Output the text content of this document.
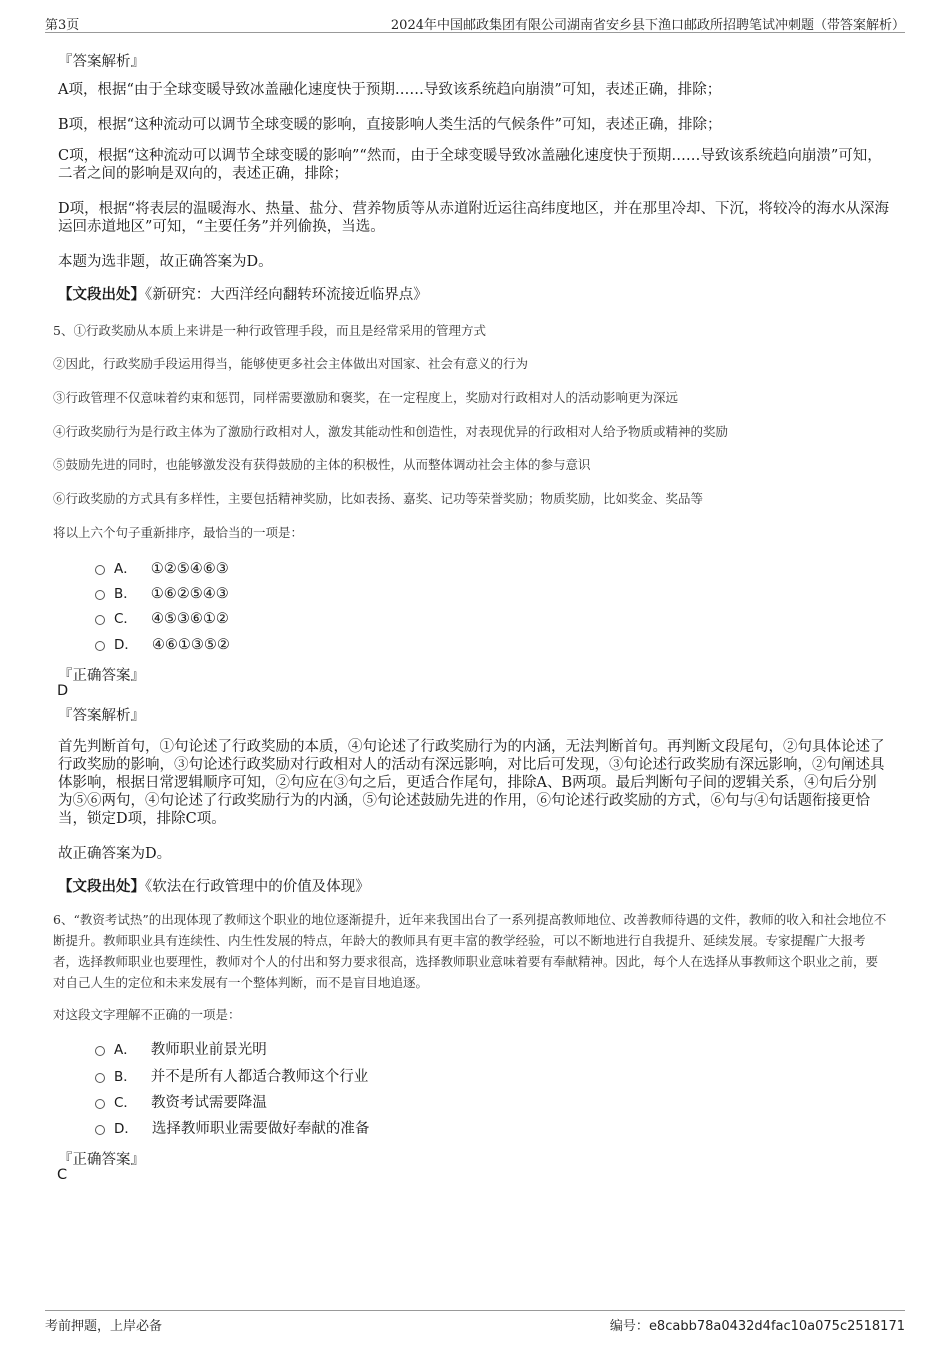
第3页	2024年中国邮政集团有限公司湖南省安乡县下渔口邮政所招聘笔试冲刺题（带答案解析）
『答案解析』
A项，根据“由于全球变暖导致冰盖融化速度快于预期……导致该系统趋向崩溃”可知，表述正确，排除；
B项，根据“这种流动可以调节全球变暖的影响，直接影响人类生活的气候条件”可知，表述正确，排除；
C项，根据“这种流动可以调节全球变暖的影响”“然而，由于全球变暖导致冰盖融化速度快于预期……导致该系统趋向崩溃”可知，二者之间的影响是双向的，表述正确，排除；
D项，根据“将表层的温暖海水、热量、盐分、营养物质等从赤道附近运往高纬度地区，并在那里冷却、下沉，将较冷的海水从深海运回赤道地区”可知，“主要任务”并列偷换，当选。
本题为选非题，故正确答案为D。
【文段出处】《新研究：大西洋经向翻转环流接近临界点》
5、①行政奖励从本质上来讲是一种行政管理手段，而且是经常采用的管理方式
②因此，行政奖励手段运用得当，能够使更多社会主体做出对国家、社会有意义的行为
③行政管理不仅意味着约束和惩罚，同样需要激励和褒奖，在一定程度上，奖励对行政相对人的活动影响更为深远
④行政奖励行为是行政主体为了激励行政相对人，激发其能动性和创造性，对表现优异的行政相对人给予物质或精神的奖励
⑤鼓励先进的同时，也能够激发没有获得鼓励的主体的积极性，从而整体调动社会主体的参与意识
⑥行政奖励的方式具有多样性，主要包括精神奖励，比如表扬、嘉奖、记功等荣誉奖励；物质奖励，比如奖金、奖品等
将以上六个句子重新排序，最恰当的一项是：
A． ①②⑤④⑥③
B． ①⑥②⑤④③
C． ④⑤③⑥①②
D． ④⑥①③⑤②
『正确答案』
D
『答案解析』
首先判断首句，①句论述了行政奖励的本质，④句论述了行政奖励行为的内涵，无法判断首句。再判断文段尾句，②句具体论述了行政奖励的影响，③句论述行政奖励对行政相对人的活动有深远影响，对比后可发现，③句论述行政奖励有深远影响，②句阐述具体影响，根据日常逻辑顺序可知，②句应在③句之后，更适合作尾句，排除A、B两项。最后判断句子间的逻辑关系，④句后分别为⑤⑥两句，④句论述了行政奖励行为的内涵，⑤句论述鼓励先进的作用，⑥句论述行政奖励的方式，⑥句与④句话题衔接更恰当，锁定D项，排除C项。
故正确答案为D。
【文段出处】《软法在行政管理中的价值及体现》
6、“教资考试热”的出现体现了教师这个职业的地位逐渐提升，近年来我国出台了一系列提高教师地位、改善教师待遇的文件，教师的收入和社会地位不断提升。教师职业具有连续性、内生性发展的特点，年龄大的教师具有更丰富的教学经验，可以不断地进行自我提升、延续发展。专家提醒广大报考者，选择教师职业也要理性，教师对个人的付出和努力要求很高，选择教师职业意味着要有奉献精神。因此，每个人在选择从事教师这个职业之前，要对自己人生的定位和未来发展有一个整体判断，而不是盲目地追逐。
对这段文字理解不正确的一项是：
A． 教师职业前景光明
B． 并不是所有人都适合教师这个行业
C． 教资考试需要降温
D． 选择教师职业需要做好奉献的准备
『正确答案』
C
考前押题，上岸必备	编号：e8cabb78a0432d4fac10a075c2518171
